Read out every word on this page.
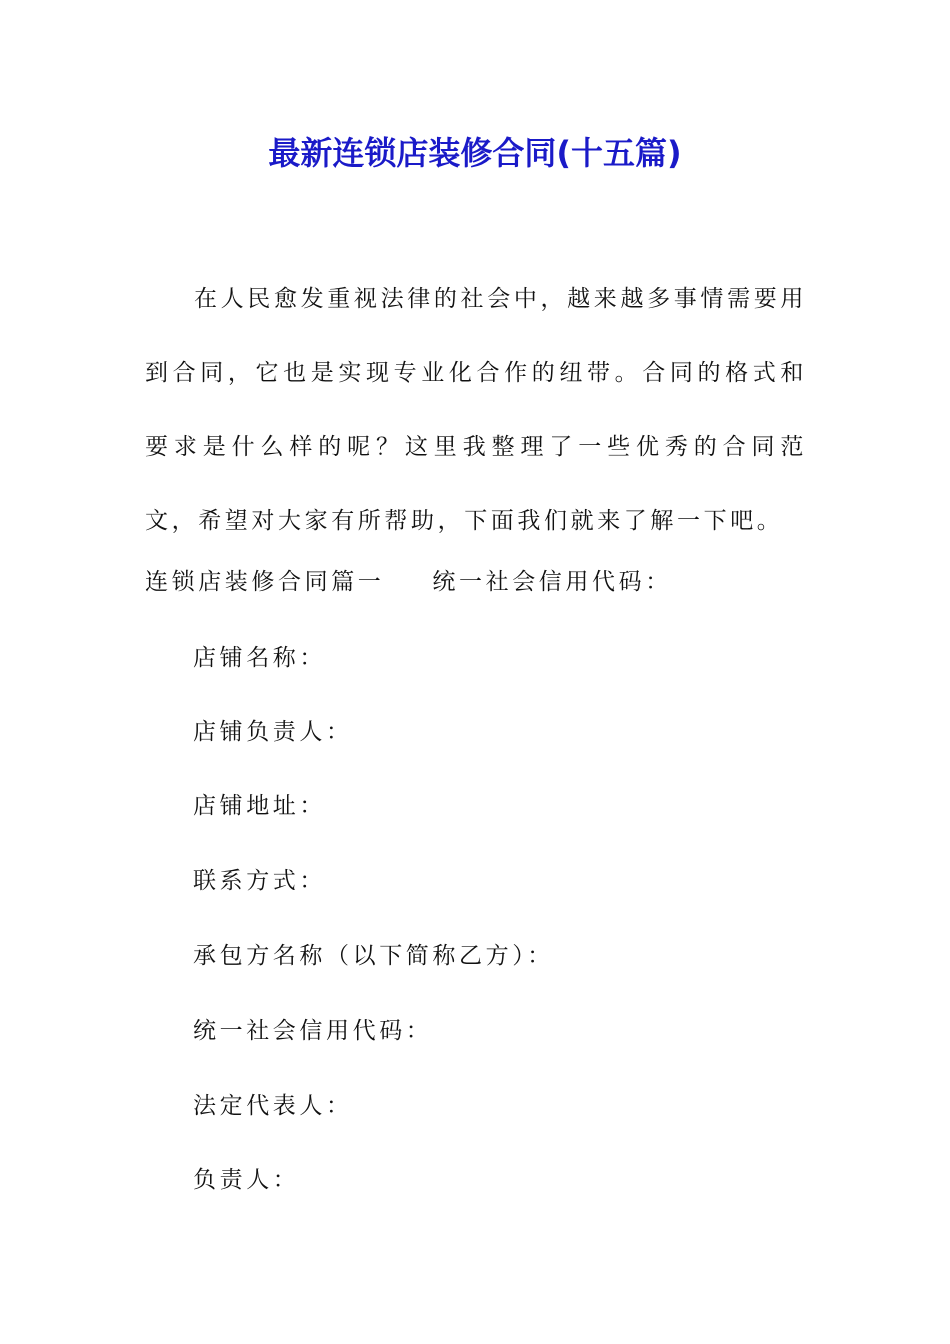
最新连锁店装修合同(十五篇)

在人民愈发重视法律的社会中，越来越多事情需要用到合同，它也是实现专业化合作的纽带。合同的格式和要求是什么样的呢？这里我整理了一些优秀的合同范文，希望对大家有所帮助，下面我们就来了解一下吧。

连锁店装修合同篇一 统一社会信用代码：
店铺名称：
店铺负责人：
店铺地址：
联系方式：
承包方名称（以下简称乙方）：
统一社会信用代码：
法定代表人：
负责人：
